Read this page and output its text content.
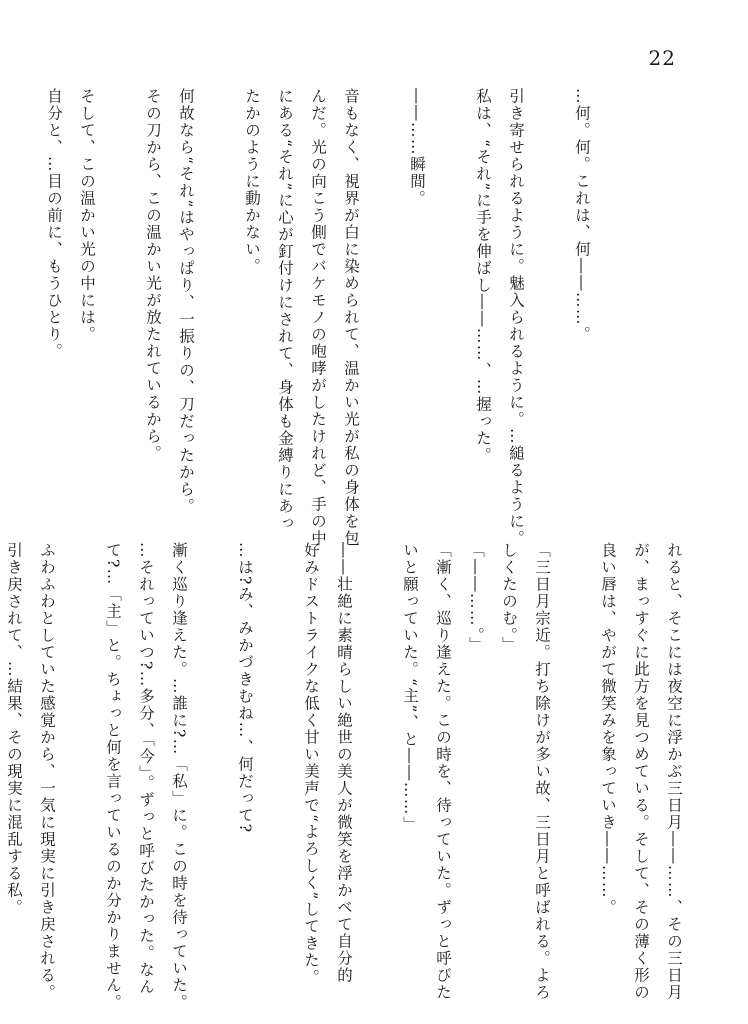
22
…何。何。これは、何――……。

引き寄せられるように。魅入られるように。…縋るように。
私は、“それ”に手を伸ばし――……、…握った。

――……瞬間。

音もなく、視界が白に染められて、温かい光が私の身体を包
んだ。光の向こう側でバケモノの咆哮がしたけれど、手の中
にある“それ”に心が釘付けにされて、身体も金縛りにあっ
たかのように動かない。

何故なら“それ”はやっぱり、一振りの、刀だったから。
その刀から、この温かい光が放たれているから。

そして、この温かい光の中には。
自分と、…目の前に、もうひとり。

れると、そこには夜空に浮かぶ三日月――……、その三日月
が、まっすぐに此方を見つめている。そして、その薄く形の
良い唇は、やがて微笑みを象っていき――……。

「三日月宗近。打ち除けが多い故、三日月と呼ばれる。よろ
しくたのむ。」
「――……。」
「漸く、巡り逢えた。この時を、待っていた。ずっと呼びた
いと願っていた。“主”、と――……」

――壮絶に素晴らしい絶世の美人が微笑を浮かべて自分的
好みドストライクな低く甘い美声で“よろしく”してきた。

…は?み、みかづきむね…、何だって?

漸く巡り逢えた。…誰に?…「私」に。この時を待っていた。
…それっていつ?…多分、「今」。ずっと呼びたかった。なん
て?…「主」と。ちょっと何を言っているのか分かりません。

ふわふわとしていた感覚から、一気に現実に引き戻される。
引き戻されて、…結果、その現実に混乱する私。
